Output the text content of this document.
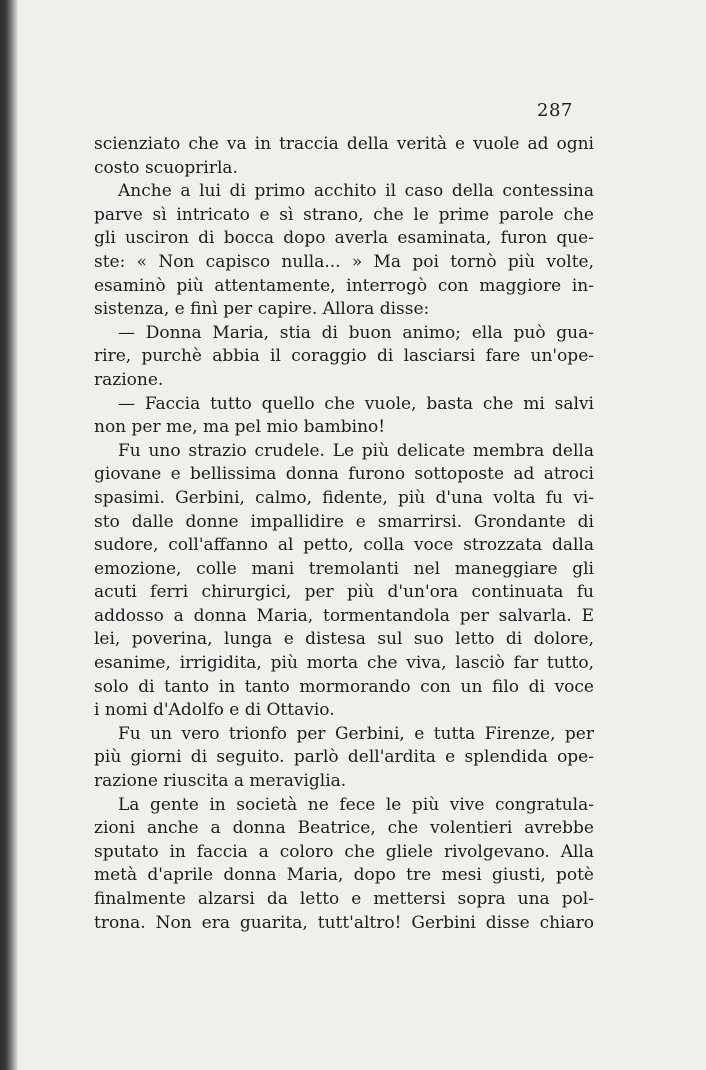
287
scienziato che va in traccia della verità e vuole ad ogni
costo scuoprirla.
Anche a lui di primo acchito il caso della contessina
parve sì intricato e sì strano, che le prime parole che
gli usciron di bocca dopo averla esaminata, furon que-
ste: « Non capisco nulla... » Ma poi tornò più volte,
esaminò più attentamente, interrogò con maggiore in-
sistenza, e finì per capire. Allora disse:
— Donna Maria, stia di buon animo; ella può gua-
rire, purchè abbia il coraggio di lasciarsi fare un'ope-
razione.
— Faccia tutto quello che vuole, basta che mi salvi
non per me, ma pel mio bambino!
Fu uno strazio crudele. Le più delicate membra della
giovane e bellissima donna furono sottoposte ad atroci
spasimi. Gerbini, calmo, fidente, più d'una volta fu vi-
sto dalle donne impallidire e smarrirsi. Grondante di
sudore, coll'affanno al petto, colla voce strozzata dalla
emozione, colle mani tremolanti nel maneggiare gli
acuti ferri chirurgici, per più d'un'ora continuata fu
addosso a donna Maria, tormentandola per salvarla. E
lei, poverina, lunga e distesa sul suo letto di dolore,
esanime, irrigidita, più morta che viva, lasciò far tutto,
solo di tanto in tanto mormorando con un filo di voce
i nomi d'Adolfo e di Ottavio.
Fu un vero trionfo per Gerbini, e tutta Firenze, per
più giorni di seguito. parlò dell'ardita e splendida ope-
razione riuscita a meraviglia.
La gente in società ne fece le più vive congratula-
zioni anche a donna Beatrice, che volentieri avrebbe
sputato in faccia a coloro che gliele rivolgevano. Alla
metà d'aprile donna Maria, dopo tre mesi giusti, potè
finalmente alzarsi da letto e mettersi sopra una pol-
trona. Non era guarita, tutt'altro! Gerbini disse chiaro
